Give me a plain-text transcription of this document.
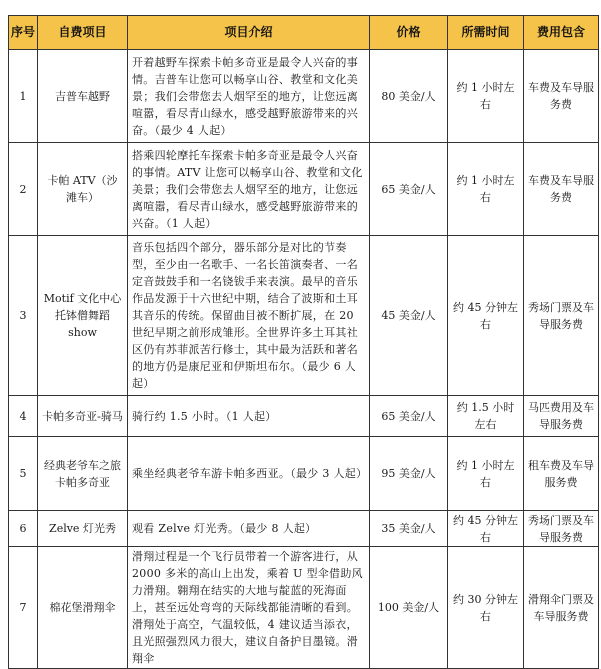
序号	自费项目	项目介绍	价格	所需时间	费用包含
1	吉普车越野	开着越野车探索卡帕多奇亚是最令人兴奋的事情。吉普车让您可以畅享山谷、教堂和文化美景；我们会带您去人烟罕至的地方，让您远离喧嚣，看尽青山绿水，感受越野旅游带来的兴奋。（最少 4 人起）	80 美金/人	约 1 小时左右	车费及车导服务费
2	卡帕 ATV（沙滩车）	搭乘四轮摩托车探索卡帕多奇亚是最令人兴奋的事情。ATV 让您可以畅享山谷、教堂和文化美景；我们会带您去人烟罕至的地方，让您远离喧嚣，看尽青山绿水，感受越野旅游带来的兴奋。（1 人起）	65 美金/人	约 1 小时左右	车费及车导服务费
3	Motif 文化中心托钵僧舞蹈 show	音乐包括四个部分，器乐部分是对比的节奏型，至少由一名歌手、一名长笛演奏者、一名定音鼓鼓手和一名铙钹手来表演。最早的音乐作品发源于十六世纪中期，结合了波斯和土耳其音乐的传统。保留曲目被不断扩展，在 20 世纪早期之前形成雏形。全世界许多土耳其社区仍有苏菲派苦行修士，其中最为活跃和著名的地方仍是康尼亚和伊斯坦布尔。（最少 6 人起）	45 美金/人	约 45 分钟左右	秀场门票及车导服务费
4	卡帕多奇亚-骑马	骑行约 1.5 小时。（1 人起）	65 美金/人	约 1.5 小时左右	马匹费用及车导服务费
5	经典老爷车之旅卡帕多奇亚	乘坐经典老爷车游卡帕多西亚。（最少 3 人起）	95 美金/人	约 1 小时左右	租车费及车导服务费
6	Zelve 灯光秀	观看 Zelve 灯光秀。（最少 8 人起）	35 美金/人	约 45 分钟左右	秀场门票及车导服务费
7	棉花堡滑翔伞	滑翔过程是一个飞行员带着一个游客进行，从 2000 多米的高山上出发，乘着 U 型伞借助风力滑翔。翱翔在结实的大地与靛蓝的死海面上，甚至远处弯弯的天际线都能清晰的看到。滑翔处于高空，气温较低，4 建议适当添衣，且光照强烈风力很大，建议自备护目墨镜。滑翔伞	100 美金/人	约 30 分钟左右	滑翔伞门票及车导服务费
